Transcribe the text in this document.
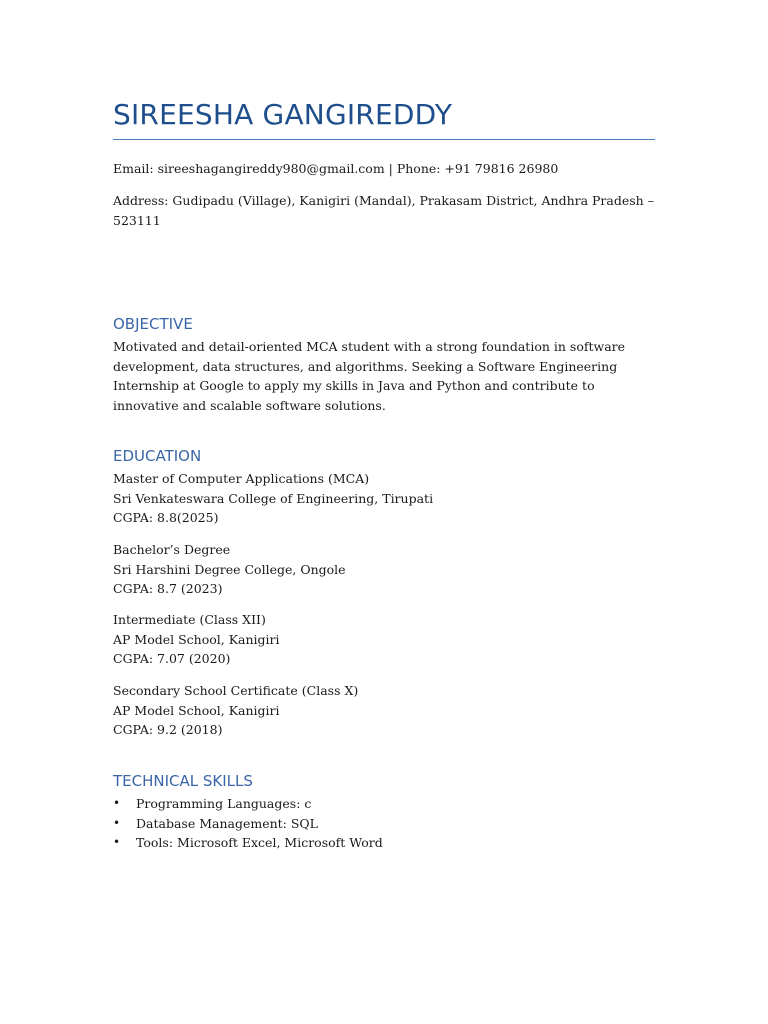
SIREESHA GANGIREDDY

Email: sireeshagangireddy980@gmail.com | Phone: +91 79816 26980

Address: Gudipadu (Village), Kanigiri (Mandal), Prakasam District, Andhra Pradesh – 523111

OBJECTIVE

Motivated and detail-oriented MCA student with a strong foundation in software development, data structures, and algorithms. Seeking a Software Engineering Internship at Google to apply my skills in Java and Python and contribute to innovative and scalable software solutions.

EDUCATION
Master of Computer Applications (MCA)
Sri Venkateswara College of Engineering, Tirupati
CGPA: 8.8(2025)
Bachelor’s Degree
Sri Harshini Degree College, Ongole
CGPA: 8.7 (2023)
Intermediate (Class XII)
AP Model School, Kanigiri
CGPA: 7.07 (2020)
Secondary School Certificate (Class X)
AP Model School, Kanigiri
CGPA: 9.2 (2018)
TECHNICAL SKILLS
• Programming Languages: c
• Database Management: SQL
• Tools: Microsoft Excel, Microsoft Word
